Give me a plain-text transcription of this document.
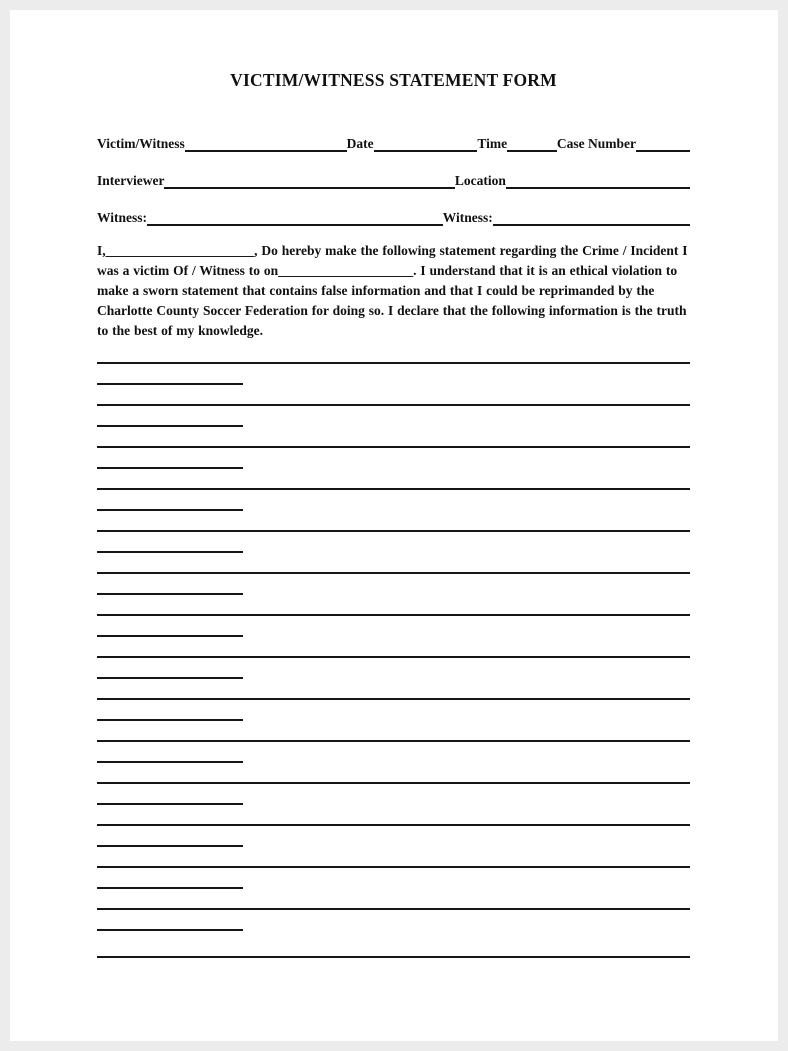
VICTIM/WITNESS STATEMENT FORM
Victim/Witness	Date	Time	Case Number
Interviewer	Location
Witness:	Witness:
I,______________________, Do hereby make the following statement regarding the Crime / Incident I was a victim Of / Witness to on____________________. I understand that it is an ethical violation to make a sworn statement that contains false information and that I could be reprimanded by the Charlotte County Soccer Federation for doing so. I declare that the following information is the truth to the best of my knowledge.
